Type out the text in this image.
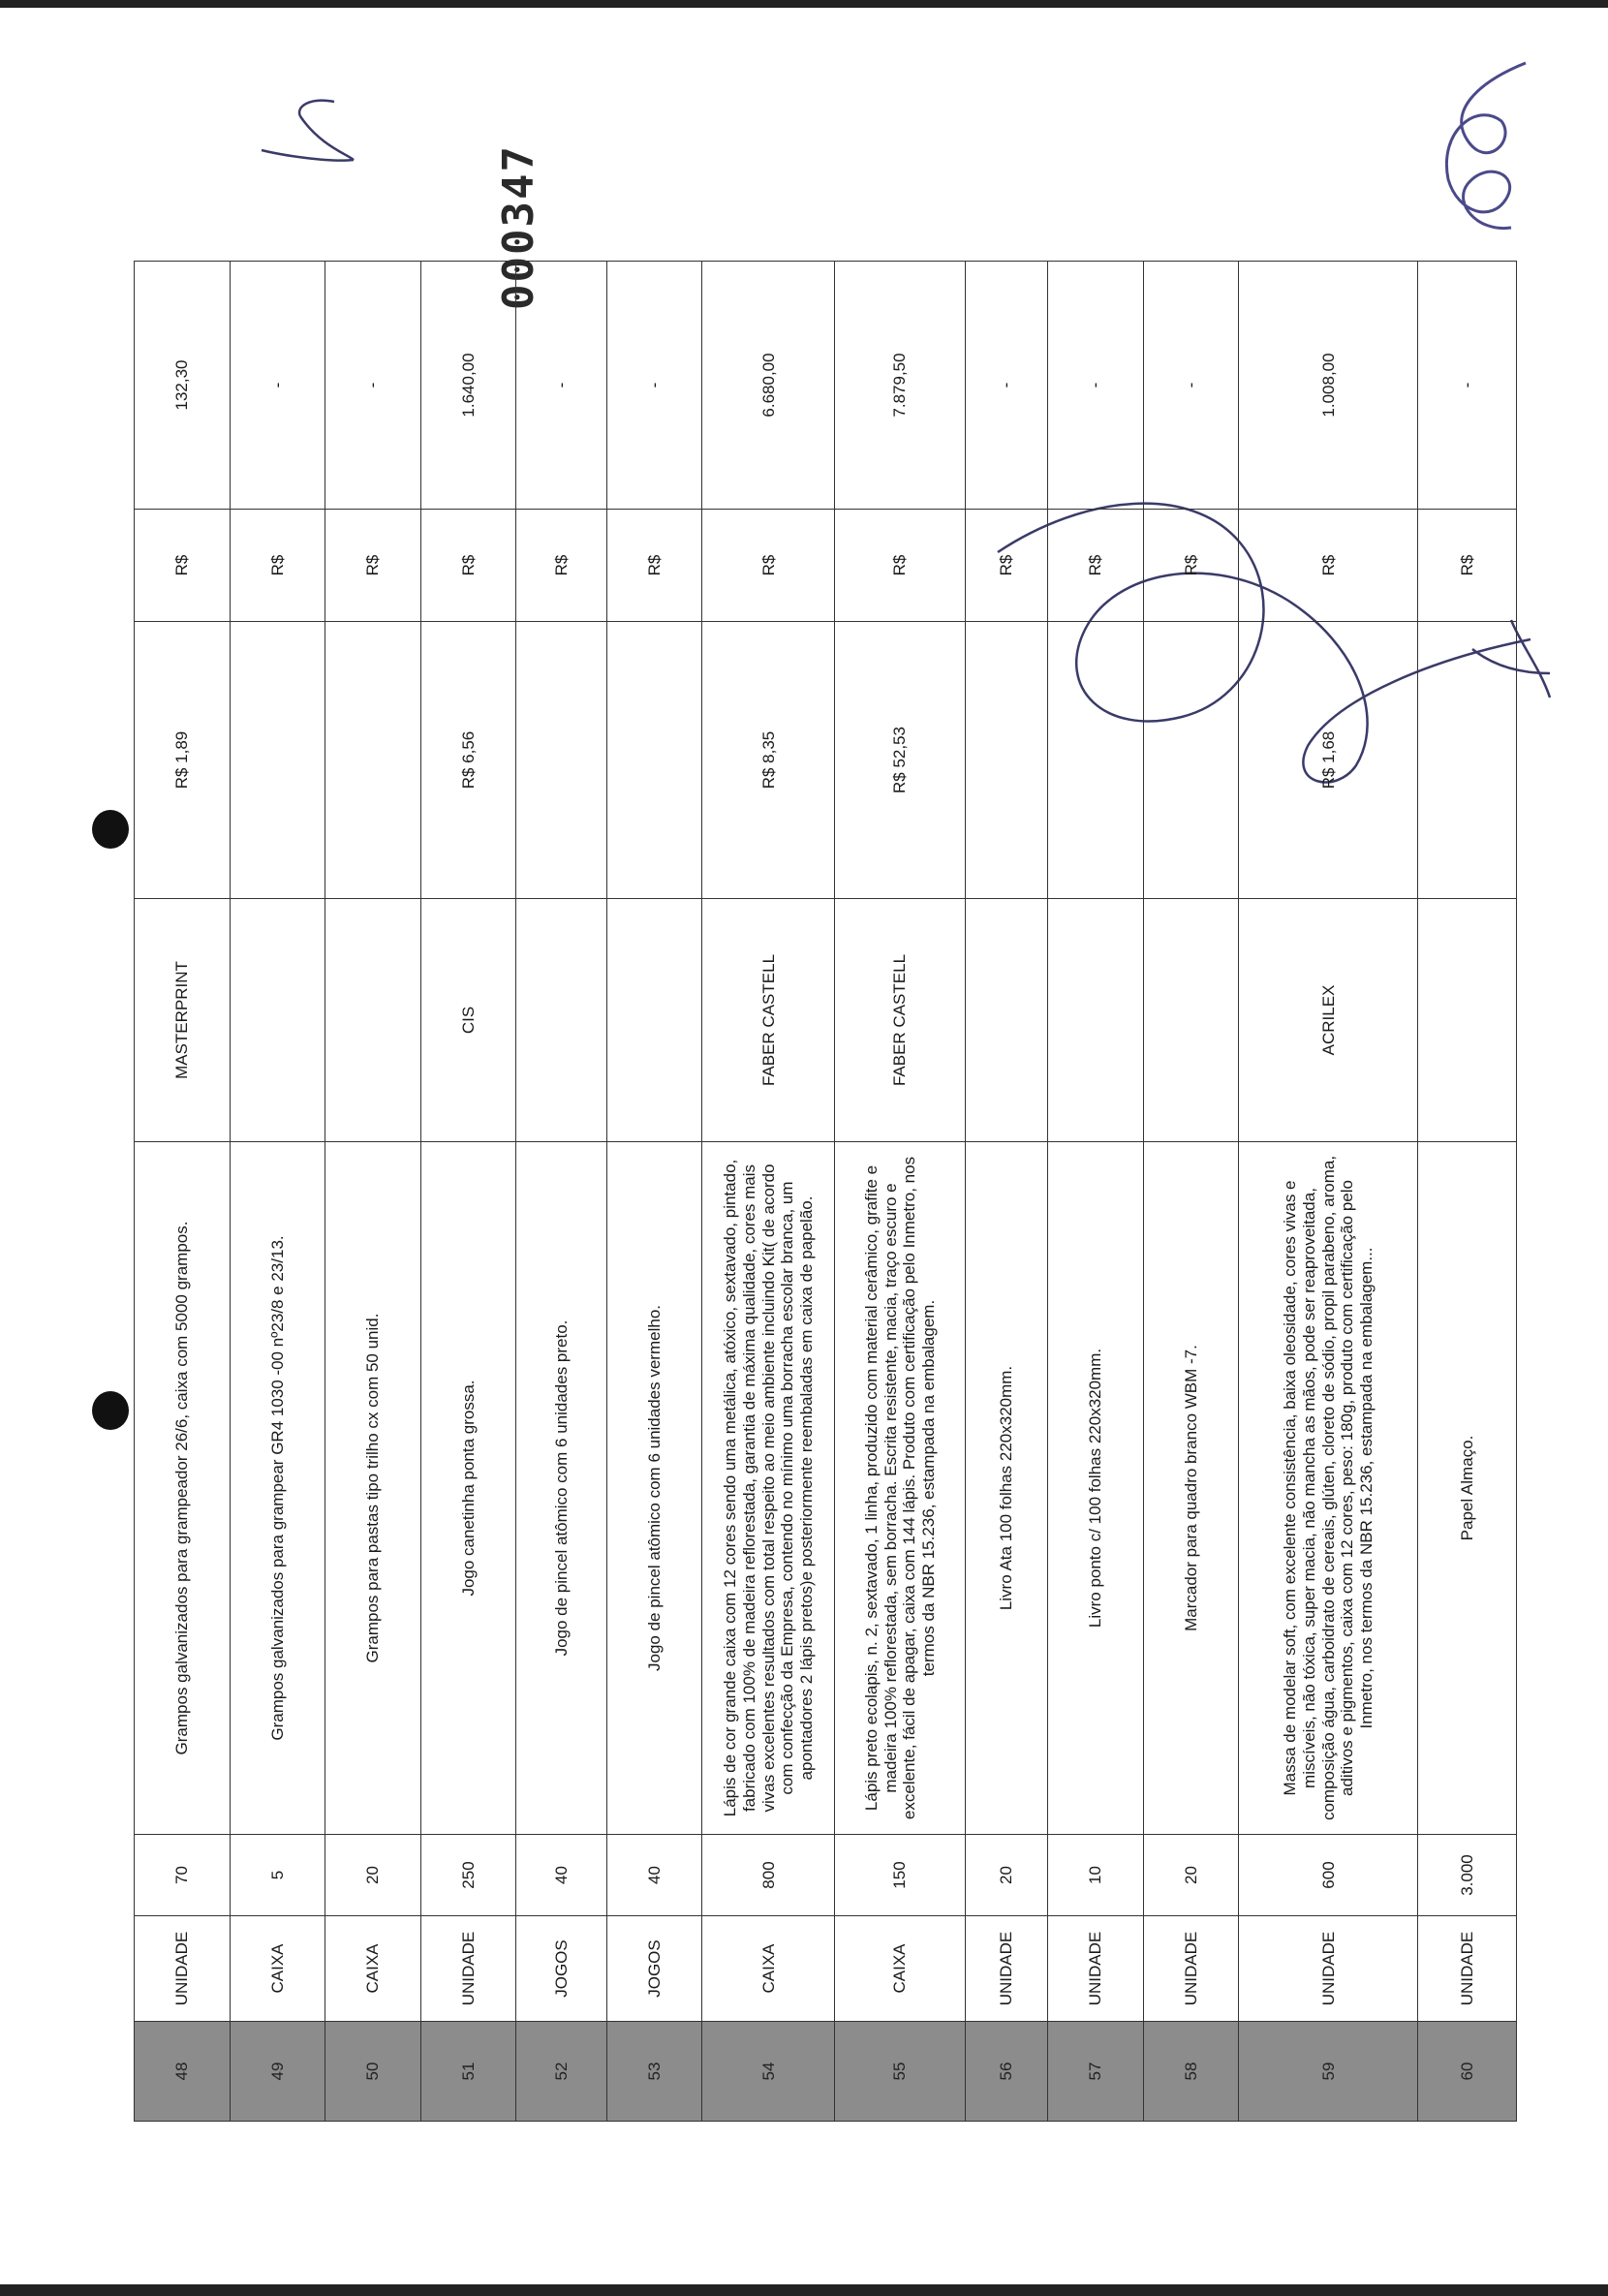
000347
48	UNIDADE	70	Grampos galvanizados para grampeador 26/6, caixa com 5000 grampos.	MASTERPRINT	R$ 1,89	R$	132,30
49	CAIXA	5	Grampos galvanizados para grampear GR4 1030 -00 nº23/8 e 23/13.			R$	-
50	CAIXA	20	Grampos para pastas tipo trilho cx com 50 unid.			R$	-
51	UNIDADE	250	Jogo canetinha ponta grossa.	CIS	R$ 6,56	R$	1.640,00
52	JOGOS	40	Jogo de pincel atômico com 6 unidades preto.			R$	-
53	JOGOS	40	Jogo de pincel atômico com 6 unidades vermelho.			R$	-
54	CAIXA	800	Lápis de cor grande caixa com 12 cores sendo uma metálica, atóxico, sextavado, pintado, fabricado com 100% de madeira reflorestada, garantia de máxima qualidade, cores mais vivas excelentes resultados com total respeito ao meio ambiente incluindo Kit( de acordo com confecção da Empresa, contendo no mínimo uma borracha escolar branca, um apontadores 2 lápis pretos)e posteriormente reembaladas em caixa de papelão.	FABER CASTELL	R$ 8,35	R$	6.680,00
55	CAIXA	150	Lápis preto ecolapis, n. 2, sextavado, 1 linha, produzido com material cerâmico, grafite e madeira 100% reflorestada, sem borracha. Escrita resistente, macia, traço escuro e excelente, fácil de apagar, caixa com 144 lápis. Produto com certificação pelo Inmetro, nos termos da NBR 15.236, estampada na embalagem.	FABER CASTELL	R$ 52,53	R$	7.879,50
56	UNIDADE	20	Livro Ata 100 folhas 220x320mm.			R$	-
57	UNIDADE	10	Livro ponto c/ 100 folhas 220x320mm.			R$	-
58	UNIDADE	20	Marcador para quadro branco WBM -7.			R$	-
59	UNIDADE	600	Massa de modelar soft, com excelente consistência, baixa oleosidade, cores vivas e miscíveis, não tóxica, super macia, não mancha as mãos, pode ser reaproveitada, composição água, carboidrato de cereais, glúten, cloreto de sódio, propil parabeno, aroma, aditivos e pigmentos, caixa com 12 cores, peso: 180g, produto com certificação pelo Inmetro, nos termos da NBR 15.236, estampada na embalagem...	ACRILEX	R$ 1,68	R$	1.008,00
60	UNIDADE	3.000	Papel Almaço.			R$	-
